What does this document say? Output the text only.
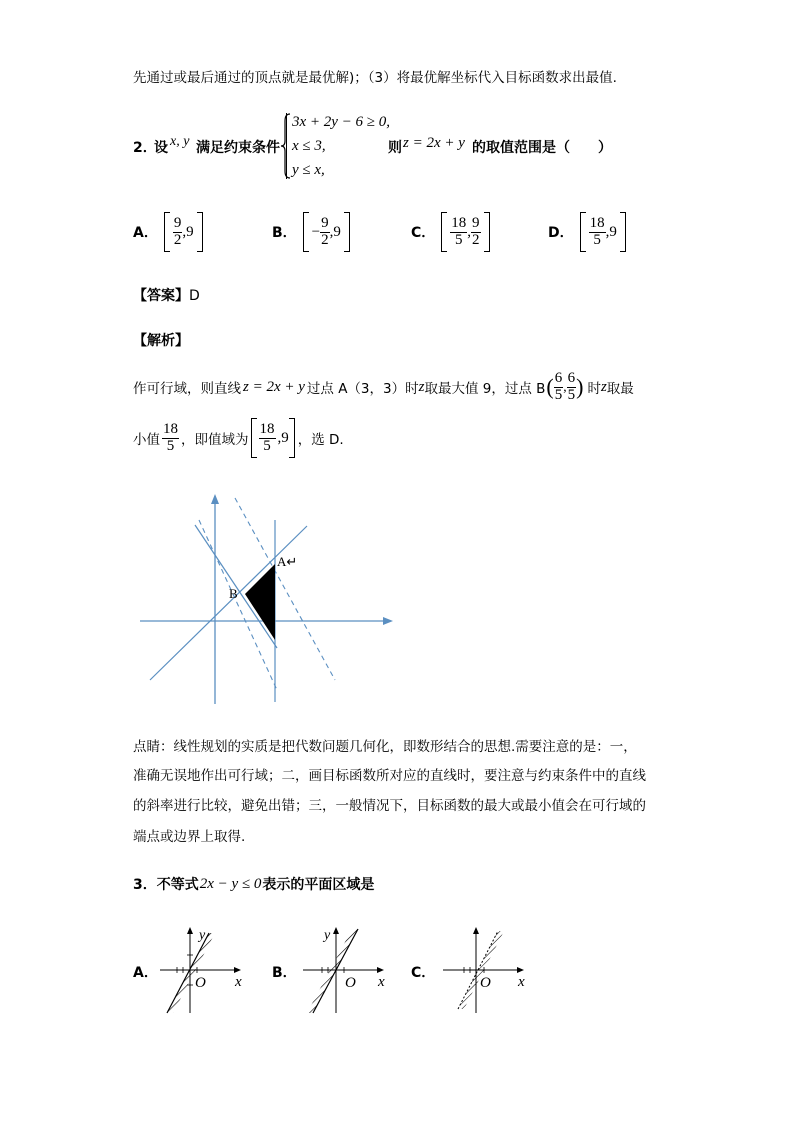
先通过或最后通过的顶点就是最优解)；（3）将最优解坐标代入目标函数求出最值.
2．
设 x, y 满足约束条件
3x + 2y − 6 ≥ 0,
x ≤ 3,
y ≤ x,
则 z = 2x + y 的取值范围是（　　）
A． $\frac{9}{2}$ , 9	B． − $\frac{9}{2}$ , 9	C． $\frac{18}{5}$ , $\frac{9}{2}$	D． $\frac{18}{5}$ , 9
【答案】D
【解析】
作可行域，则直线 z = 2x + y 过点 A（3，3）时 z 取最大值 9，过点 B ( $\frac{6}{5}$ , $\frac{6}{5}$ ) 时 z 取最
小值 $\frac{18}{5}$ ，即值域为 $\frac{18}{5}$ , 9 ，选 D.
A↵
B
点睛：线性规划的实质是把代数问题几何化，即数形结合的思想.需要注意的是：一，
准确无误地作出可行域；二，画目标函数所对应的直线时，要注意与约束条件中的直线
的斜率进行比较，避免出错；三，一般情况下，目标函数的最大或最小值会在可行域的
端点或边界上取得.
3． 不等式 2x − y ≤ 0 表示的平面区域是
A．
y
x
O
B．
y
x
O
C．
O x
